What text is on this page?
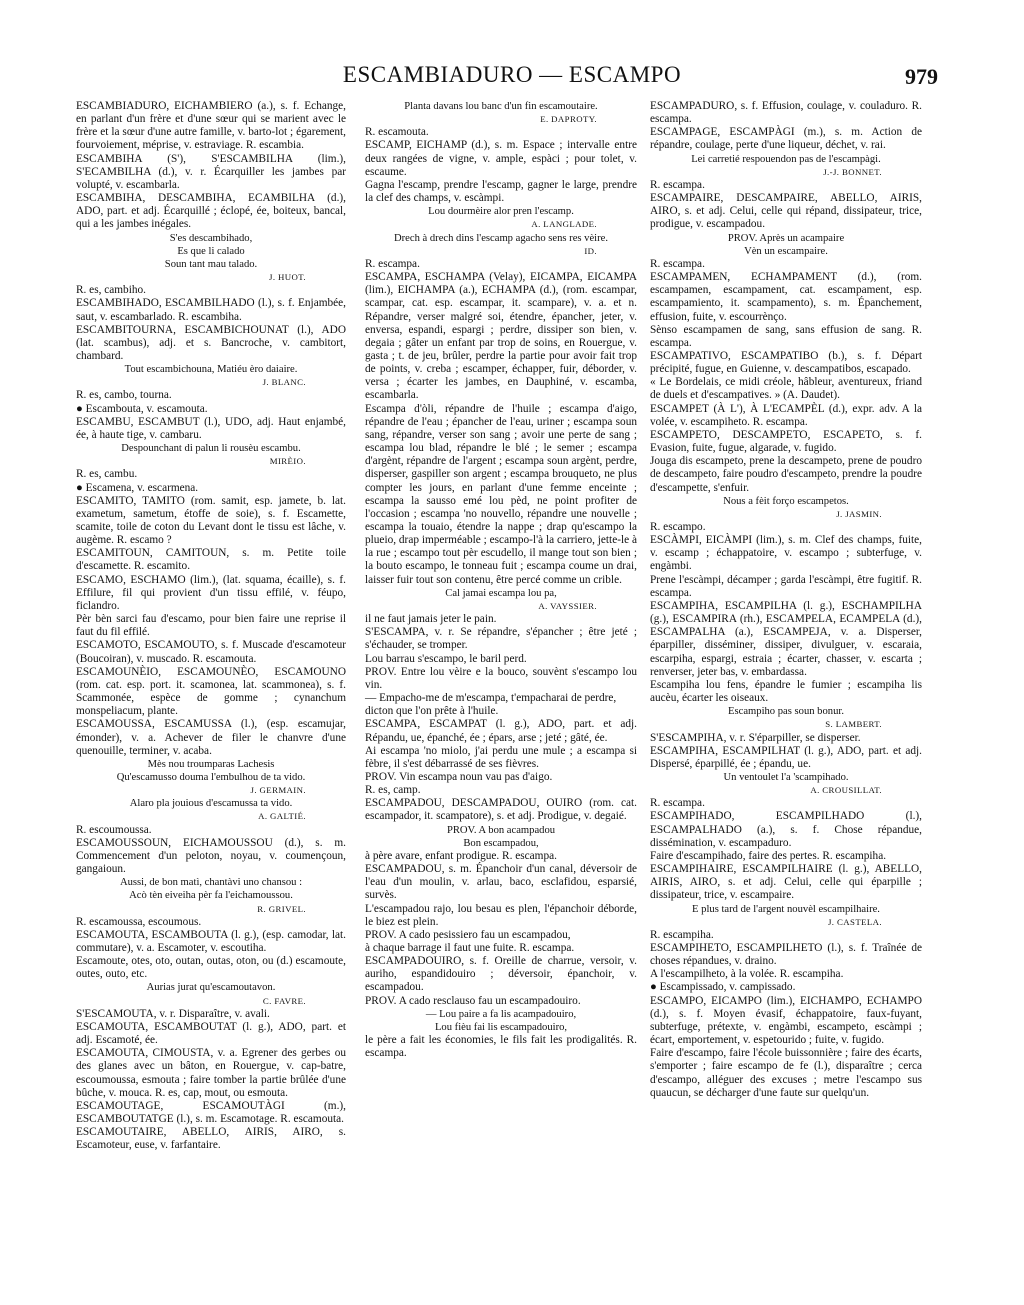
ESCAMBIADURO — ESCAMPO	979

ESCAMBIADURO, EICHAMBIERO (a.), s. f. Echange, en parlant d'un frère et d'une sœur qui se marient avec le frère et la sœur d'une autre famille, v. barto-lot ; égarement, fourvoiement, méprise, v. estraviage. R. escambia.

ESCAMBIHA (S'), S'ESCAMBILHA (lim.), S'ECAMBILHA (d.), v. r. Écarquiller les jambes par volupté, v. escambarla.

ESCAMBIHA, DESCAMBIHA, ECAMBILHA (d.), ADO, part. et adj. Écarquillé ; éclopé, ée, boiteux, bancal, qui a les jambes inégales.

S'es descambihado,

Es que li calado

Soun tant mau talado.

J. HUOT.

R. es, cambiho.

ESCAMBIHADO, ESCAMBILHADO (l.), s. f. Enjambée, saut, v. escambarlado. R. escambiha.

ESCAMBITOURNA, ESCAMBICHOUNAT (l.), ADO (lat. scambus), adj. et s. Bancroche, v. cambitort, chambard.

Tout escambichouna, Matiéu èro daiaire.

J. BLANC.

R. es, cambo, tourna.

● Escambouta, v. escamouta.

ESCAMBU, ESCAMBUT (l.), UDO, adj. Haut enjambé, ée, à haute tige, v. cambaru.

Despounchant di palun li rousèu escambu.

MIRÈIO.

R. es, cambu.

● Escamena, v. escarmena.

ESCAMITO, TAMITO (rom. samit, esp. jamete, b. lat. exametum, sametum, étoffe de soie), s. f. Escamette, scamite, toile de coton du Levant dont le tissu est lâche, v. augème. R. escamo ?

ESCAMITOUN, CAMITOUN, s. m. Petite toile d'escamette. R. escamito.

ESCAMO, ESCHAMO (lim.), (lat. squama, écaille), s. f. Effilure, fil qui provient d'un tissu effilé, v. féupo, ficlandro.

Pèr bèn sarci fau d'escamo, pour bien faire une reprise il faut du fil effilé.

ESCAMOTO, ESCAMOUTO, s. f. Muscade d'escamoteur (Boucoiran), v. muscado. R. escamouta.

ESCAMOUNÈIO, ESCAMOUNÈO, ESCAMOUNO (rom. cat. esp. port. it. scamonea, lat. scammonea), s. f. Scammonée, espèce de gomme ; cynanchum monspeliacum, plante.

ESCAMOUSSA, ESCAMUSSA (l.), (esp. escamujar, émonder), v. a. Achever de filer le chanvre d'une quenouille, terminer, v. acaba.

Mès nou troumparas Lachesis

Qu'escamusso douma l'embulhou de ta vido.

J. GERMAIN.

Alaro pla jouious d'escamussa ta vido.

A. GALTIÉ.

R. escoumoussa.

ESCAMOUSSOUN, EICHAMOUSSOU (d.), s. m. Commencement d'un peloton, noyau, v. coumençoun, gangaioun.

Aussi, de bon matì, chantàvi uno chansou :

Acò tèn eiveiha pèr fa l'eichamoussou.

R. GRIVEL.

R. escamoussa, escoumous.

ESCAMOUTA, ESCAMBOUTA (l. g.), (esp. camodar, lat. commutare), v. a. Escamoter, v. escoutiha.

Escamoute, otes, oto, outan, outas, oton, ou (d.) escamoute, outes, outo, etc.

Aurias jurat qu'escamoutavon.

C. FAVRE.

S'ESCAMOUTA, v. r. Disparaître, v. avali.

ESCAMOUTA, ESCAMBOUTAT (l. g.), ADO, part. et adj. Escamoté, ée.

ESCAMOUTA, CIMOUSTA, v. a. Egrener des gerbes ou des glanes avec un bâton, en Rouergue, v. cap-batre, escoumoussa, esmouta ; faire tomber la partie brûlée d'une bûche, v. mouca. R. es, cap, mout, ou esmouta.

ESCAMOUTAGE, ESCAMOUTÀGI (m.), ESCAMBOUTATGE (l.), s. m. Escamotage. R. escamouta.

ESCAMOUTAIRE, ABELLO, AIRIS, AIRO, s. Escamoteur, euse, v. farfantaire.

Planta davans lou banc d'un fin escamoutaire.

E. DAPROTY.

R. escamouta.

ESCAMP, EICHAMP (d.), s. m. Espace ; intervalle entre deux rangées de vigne, v. ample, espàci ; pour tolet, v. escaume.

Gagna l'escamp, prendre l'escamp, gagner le large, prendre la clef des champs, v. escàmpi.

Lou dourmèire alor pren l'escamp.

A. LANGLADE.

Drech à drech dins l'escamp agacho sens res vèire.

ID.

R. escampa.

ESCAMPA, ESCHAMPA (Velay), EICAMPA, EICAMPA (lim.), EICHAMPA (a.), ECHAMPA (d.), (rom. escampar, scampar, cat. esp. escampar, it. scampare), v. a. et n. Répandre, verser malgré soi, étendre, épancher, jeter, v. enversa, espandi, espargi ; perdre, dissiper son bien, v. degaia ; gâter un enfant par trop de soins, en Rouergue, v. gasta ; t. de jeu, brûler, perdre la partie pour avoir fait trop de points, v. creba ; escamper, échapper, fuir, déborder, v. versa ; écarter les jambes, en Dauphiné, v. escamba, escambarla.

Escampa d'òli, répandre de l'huile ; escampa d'aigo, répandre de l'eau ; épancher de l'eau, uriner ; escampa soun sang, répandre, verser son sang ; avoir une perte de sang ; escampa lou blad, répandre le blé ; le semer ; escampa d'argènt, répandre de l'argent ; escampa soun argènt, perdre, disperser, gaspiller son argent ; escampa brouqueto, ne plus compter les jours, en parlant d'une femme enceinte ; escampa la sausso emé lou pèd, ne point profiter de l'occasion ; escampa 'no nouvello, répandre une nouvelle ; escampa la touaio, étendre la nappe ; drap qu'escampo la plueio, drap imperméable ; escampo-l'à la carriero, jette-le à la rue ; escampo tout pèr escudello, il mange tout son bien ; la bouto escampo, le tonneau fuit ; escampa coume un drai, laisser fuir tout son contenu, être percé comme un crible.

Cal jamai escampa lou pa,

A. VAYSSIER.

il ne faut jamais jeter le pain.

S'ESCAMPA, v. r. Se répandre, s'épancher ; être jeté ; s'échauder, se tromper.

Lou barrau s'escampo, le baril perd.

PROV. Entre lou vèire e la bouco, souvènt s'escampo lou vin.

— Empacho-me de m'escampa, t'empacharai de perdre,

dicton que l'on prête à l'huile.

ESCAMPA, ESCAMPAT (l. g.), ADO, part. et adj. Répandu, ue, épanché, ée ; épars, arse ; jeté ; gâté, ée.

Ai escampa 'no miolo, j'ai perdu une mule ; a escampa si fèbre, il s'est débarrassé de ses fièvres.

PROV. Vin escampa noun vau pas d'aigo.

R. es, camp.

ESCAMPADOU, DESCAMPADOU, OUIRO (rom. cat. escampador, it. scampatore), s. et adj. Prodigue, v. degaié.

PROV. A bon acampadou

Bon escampadou,

à père avare, enfant prodigue. R. escampa.

ESCAMPADOU, s. m. Épanchoir d'un canal, déversoir de l'eau d'un moulin, v. arlau, baco, esclafidou, esparsié, survès.

L'escampadou rajo, lou besau es plen, l'épanchoir déborde, le biez est plein.

PROV. A cado pesissiero fau un escampadou,

à chaque barrage il faut une fuite. R. escampa.

ESCAMPADOUIRO, s. f. Oreille de charrue, versoir, v. auriho, espandidouiro ; déversoir, épanchoir, v. escampadou.

PROV. A cado resclauso fau un escampadouiro.

— Lou paire a fa lis acampadouiro,

Lou fièu fai lis escampadouiro,

le père a fait les économies, le fils fait les prodigalités. R. escampa.

ESCAMPADURO, s. f. Effusion, coulage, v. couladuro. R. escampa.

ESCAMPAGE, ESCAMPÀGI (m.), s. m. Action de répandre, coulage, perte d'une liqueur, déchet, v. rai.

Lei carretié respouendon pas de l'escampàgi.

J.-J. BONNET.

R. escampa.

ESCAMPAIRE, DESCAMPAIRE, ABELLO, AIRIS, AIRO, s. et adj. Celui, celle qui répand, dissipateur, trice, prodigue, v. escampadou.

PROV. Après un acampaire

Vèn un escampaire.

R. escampa.

ESCAMPAMEN, ECHAMPAMENT (d.), (rom. escampamen, escampament, cat. escampament, esp. escampamiento, it. scampamento), s. m. Épanchement, effusion, fuite, v. escourrènço.

Sènso escampamen de sang, sans effusion de sang. R. escampa.

ESCAMPATIVO, ESCAMPATIBO (b.), s. f. Départ précipité, fugue, en Guienne, v. descampatibos, escapado.

« Le Bordelais, ce midi créole, hâbleur, aventureux, friand de duels et d'escampatives. » (A. Daudet).

ESCAMPET (À L'), À L'ECAMPÈL (d.), expr. adv. A la volée, v. escampiheto. R. escampa.

ESCAMPETO, DESCAMPETO, ESCAPETO, s. f. Evasion, fuite, fugue, algarade, v. fugido.

Jouga dis escampeto, prene la descampeto, prene de poudro de descampeto, faire poudro d'escampeto, prendre la poudre d'escampette, s'enfuir.

Nous a fèit forço escampetos.

J. JASMIN.

R. escampo.

ESCÀMPI, EICÀMPI (lim.), s. m. Clef des champs, fuite, v. escamp ; échappatoire, v. escampo ; subterfuge, v. engàmbi.

Prene l'escàmpi, décamper ; garda l'escàmpi, être fugitif. R. escampa.

ESCAMPIHA, ESCAMPILHA (l. g.), ESCHAMPILHA (g.), ESCAMPIRA (rh.), ESCAMPELA, ECAMPELA (d.), ESCAMPALHA (a.), ESCAMPEJA, v. a. Disperser, éparpiller, disséminer, dissiper, divulguer, v. escaraia, escarpiha, espargi, estraia ; écarter, chasser, v. escarta ; renverser, jeter bas, v. embardassa.

Escampiha lou fens, épandre le fumier ; escampiha lis aucèu, écarter les oiseaux.

Escampiho pas soun bonur.

S. LAMBERT.

S'ESCAMPIHA, v. r. S'éparpiller, se disperser.

ESCAMPIHA, ESCAMPILHAT (l. g.), ADO, part. et adj. Dispersé, éparpillé, ée ; épandu, ue.

Un ventoulet l'a 'scampihado.

A. CROUSILLAT.

R. escampa.

ESCAMPIHADO, ESCAMPILHADO (l.), ESCAMPALHADO (a.), s. f. Chose répandue, dissémination, v. escampaduro.

Faire d'escampihado, faire des pertes. R. escampiha.

ESCAMPIHAIRE, ESCAMPILHAIRE (l. g.), ABELLO, AIRIS, AIRO, s. et adj. Celui, celle qui éparpille ; dissipateur, trice, v. escampaire.

E plus tard de l'argent nouvèl escampilhaire.

J. CASTELA.

R. escampiha.

ESCAMPIHETO, ESCAMPILHETO (l.), s. f. Traînée de choses répandues, v. draino.

A l'escampilheto, à la volée. R. escampiha.

● Escampissado, v. campissado.

ESCAMPO, EICAMPO (lim.), EICHAMPO, ECHAMPO (d.), s. f. Moyen évasif, échappatoire, faux-fuyant, subterfuge, prétexte, v. engàmbi, escampeto, escàmpi ; écart, emportement, v. espetourido ; fuite, v. fugido.

Faire d'escampo, faire l'école buissonnière ; faire des écarts, s'emporter ; faire escampo de fe (l.), disparaître ; cerca d'escampo, alléguer des excuses ; metre l'escampo sus quaucun, se décharger d'une faute sur quelqu'un.
